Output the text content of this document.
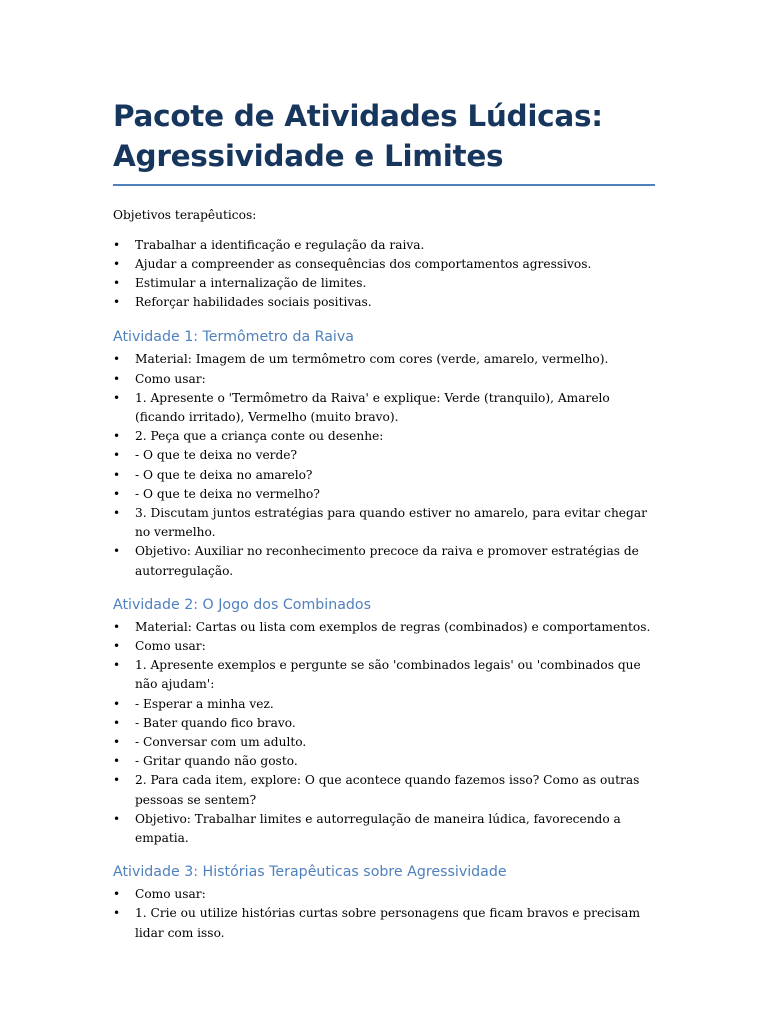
Pacote de Atividades Lúdicas:
Agressividade e Limites

Objetivos terapêuticos:

• Trabalhar a identificação e regulação da raiva.
• Ajudar a compreender as consequências dos comportamentos agressivos.
• Estimular a internalização de limites.
• Reforçar habilidades sociais positivas.
Atividade 1: Termômetro da Raiva
• Material: Imagem de um termômetro com cores (verde, amarelo, vermelho).
• Como usar:
• 1. Apresente o 'Termômetro da Raiva' e explique: Verde (tranquilo), Amarelo (ficando irritado), Vermelho (muito bravo).
• 2. Peça que a criança conte ou desenhe:
• - O que te deixa no verde?
• - O que te deixa no amarelo?
• - O que te deixa no vermelho?
• 3. Discutam juntos estratégias para quando estiver no amarelo, para evitar chegar no vermelho.
• Objetivo: Auxiliar no reconhecimento precoce da raiva e promover estratégias de autorregulação.
Atividade 2: O Jogo dos Combinados
• Material: Cartas ou lista com exemplos de regras (combinados) e comportamentos.
• Como usar:
• 1. Apresente exemplos e pergunte se são 'combinados legais' ou 'combinados que não ajudam':
• - Esperar a minha vez.
• - Bater quando fico bravo.
• - Conversar com um adulto.
• - Gritar quando não gosto.
• 2. Para cada item, explore: O que acontece quando fazemos isso? Como as outras pessoas se sentem?
• Objetivo: Trabalhar limites e autorregulação de maneira lúdica, favorecendo a empatia.
Atividade 3: Histórias Terapêuticas sobre Agressividade
• Como usar:
• 1. Crie ou utilize histórias curtas sobre personagens que ficam bravos e precisam lidar com isso.
